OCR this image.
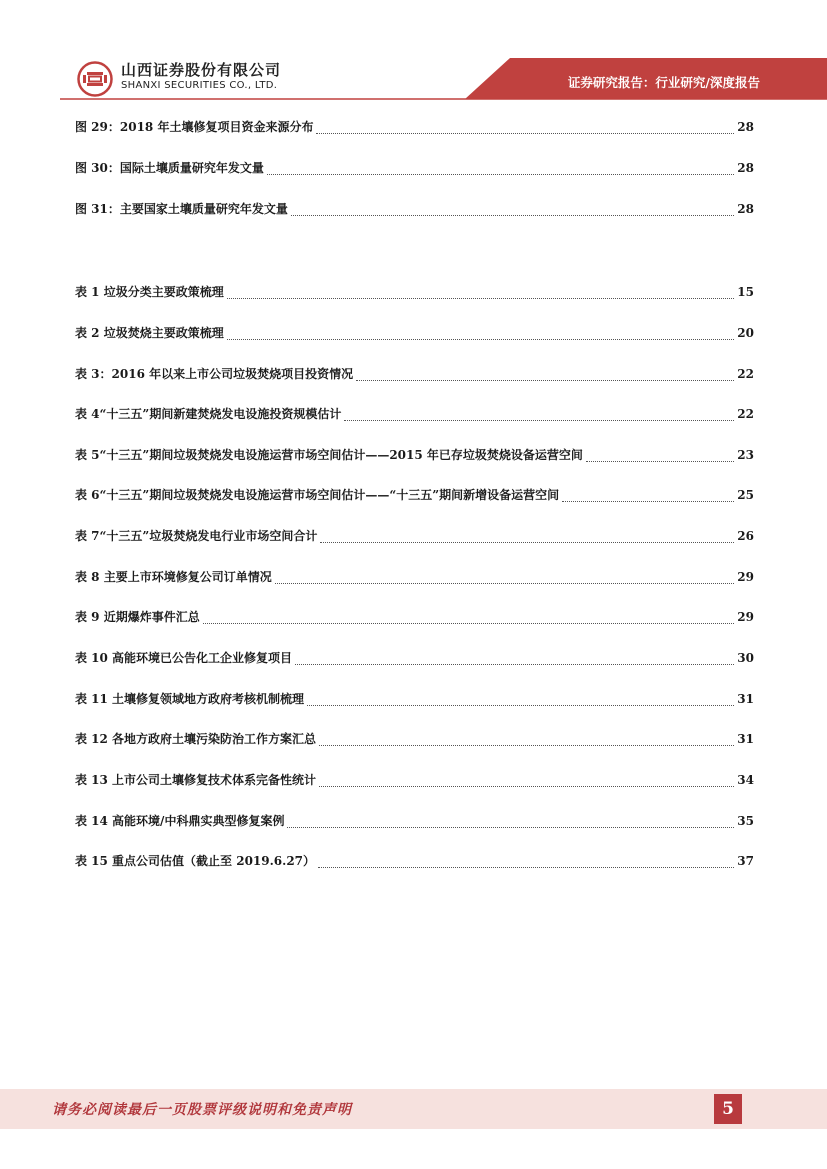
山西证券股份有限公司
SHANXI SECURITIES CO., LTD.	证券研究报告：行业研究/深度报告
图 29：2018 年土壤修复项目资金来源分布	28
图 30：国际土壤质量研究年发文量	28
图 31：主要国家土壤质量研究年发文量	28
表 1 垃圾分类主要政策梳理	15
表 2 垃圾焚烧主要政策梳理	20
表 3：2016 年以来上市公司垃圾焚烧项目投资情况	22
表 4“十三五”期间新建焚烧发电设施投资规模估计	22
表 5“十三五”期间垃圾焚烧发电设施运营市场空间估计——2015 年已存垃圾焚烧设备运营空间	23
表 6“十三五”期间垃圾焚烧发电设施运营市场空间估计——“十三五”期间新增设备运营空间	25
表 7“十三五”垃圾焚烧发电行业市场空间合计	26
表 8 主要上市环境修复公司订单情况	29
表 9 近期爆炸事件汇总	29
表 10 高能环境已公告化工企业修复项目	30
表 11 土壤修复领域地方政府考核机制梳理	31
表 12 各地方政府土壤污染防治工作方案汇总	31
表 13 上市公司土壤修复技术体系完备性统计	34
表 14 高能环境/中科鼎实典型修复案例	35
表 15 重点公司估值（截止至 2019.6.27）	37
请务必阅读最后一页股票评级说明和免责声明	5
